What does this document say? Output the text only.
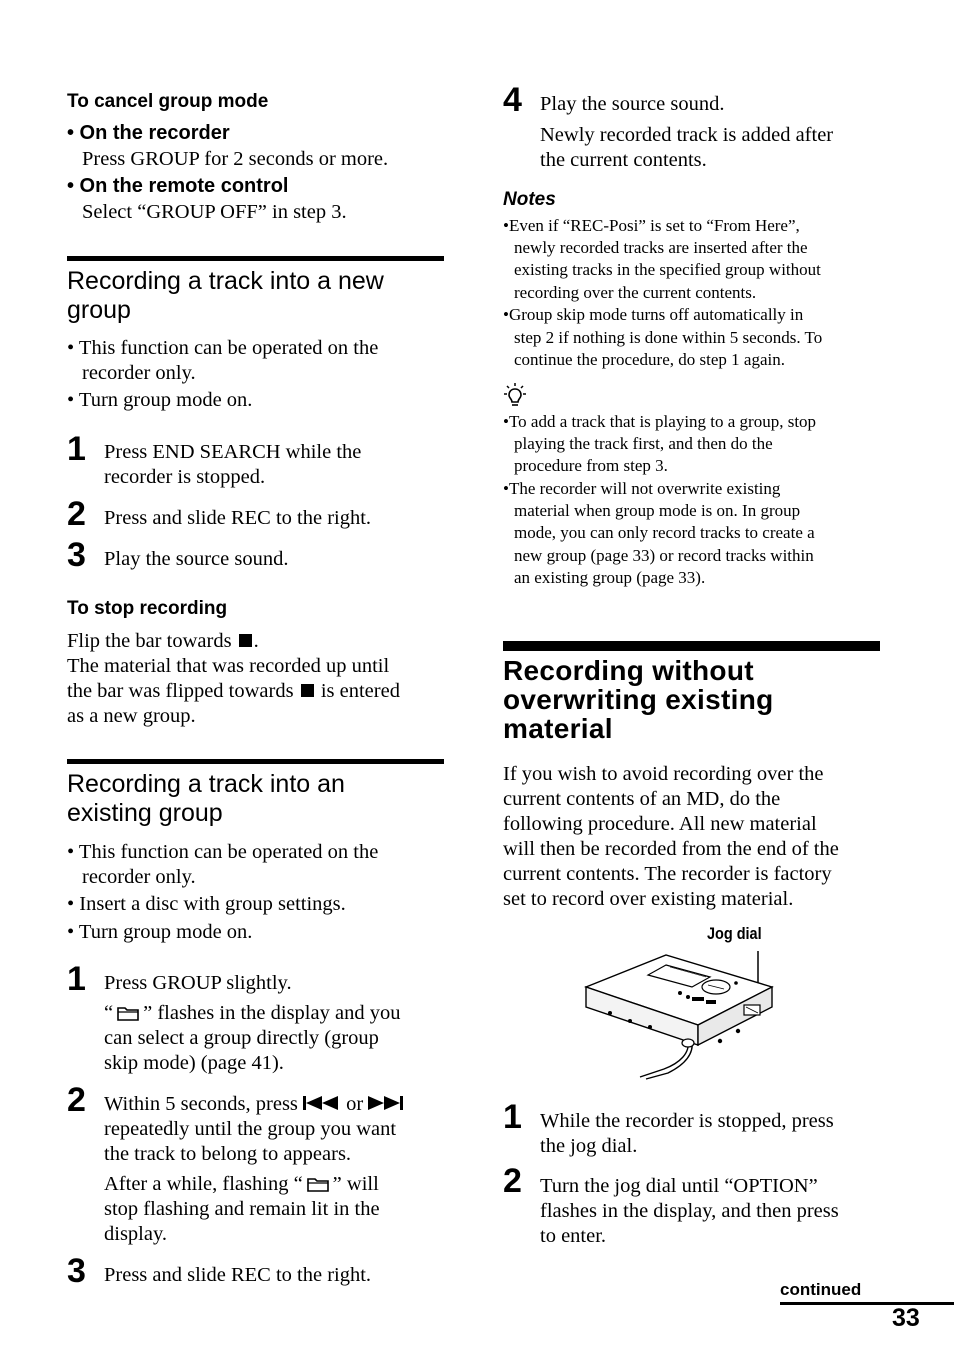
To cancel group mode
• On the recorder
Press GROUP for 2 seconds or more.
• On the remote control
Select “GROUP OFF” in step 3.
Recording a track into a new
group
• This function can be operated on the
recorder only.
• Turn group mode on.
1 Press END SEARCH while the
recorder is stopped.
2 Press and slide REC to the right.
3 Play the source sound.
To stop recording
Flip the bar towards .
The material that was recorded up until
the bar was flipped towards  is entered
as a new group.
Recording a track into an
existing group
• This function can be operated on the
recorder only.
• Insert a disc with group settings.
• Turn group mode on.
1 Press GROUP slightly.
“ ” flashes in the display and you
can select a group directly (group
skip mode) (page 41).
2 Within 5 seconds, press  or
repeatedly until the group you want
the track to belong to appears.
After a while, flashing “ ” will
stop flashing and remain lit in the
display.
3 Press and slide REC to the right.
4 Play the source sound.
Newly recorded track is added after
the current contents.
Notes
•Even if “REC-Posi” is set to “From Here”,
newly recorded tracks are inserted after the
existing tracks in the specified group without
recording over the current contents.
•Group skip mode turns off automatically in
step 2 if nothing is done within 5 seconds. To
continue the procedure, do step 1 again.
•To add a track that is playing to a group, stop
playing the track first, and then do the
procedure from step 3.
•The recorder will not overwrite existing
material when group mode is on. In group
mode, you can only record tracks to create a
new group (page 33) or record tracks within
an existing group (page 33).
Recording without
overwriting existing
material
If you wish to avoid recording over the
current contents of an MD, do the
following procedure. All new material
will then be recorded from the end of the
current contents. The recorder is factory
set to record over existing material.
Jog dial
1 While the recorder is stopped, press
the jog dial.
2 Turn the jog dial until “OPTION”
flashes in the display, and then press
to enter.
continued
33
